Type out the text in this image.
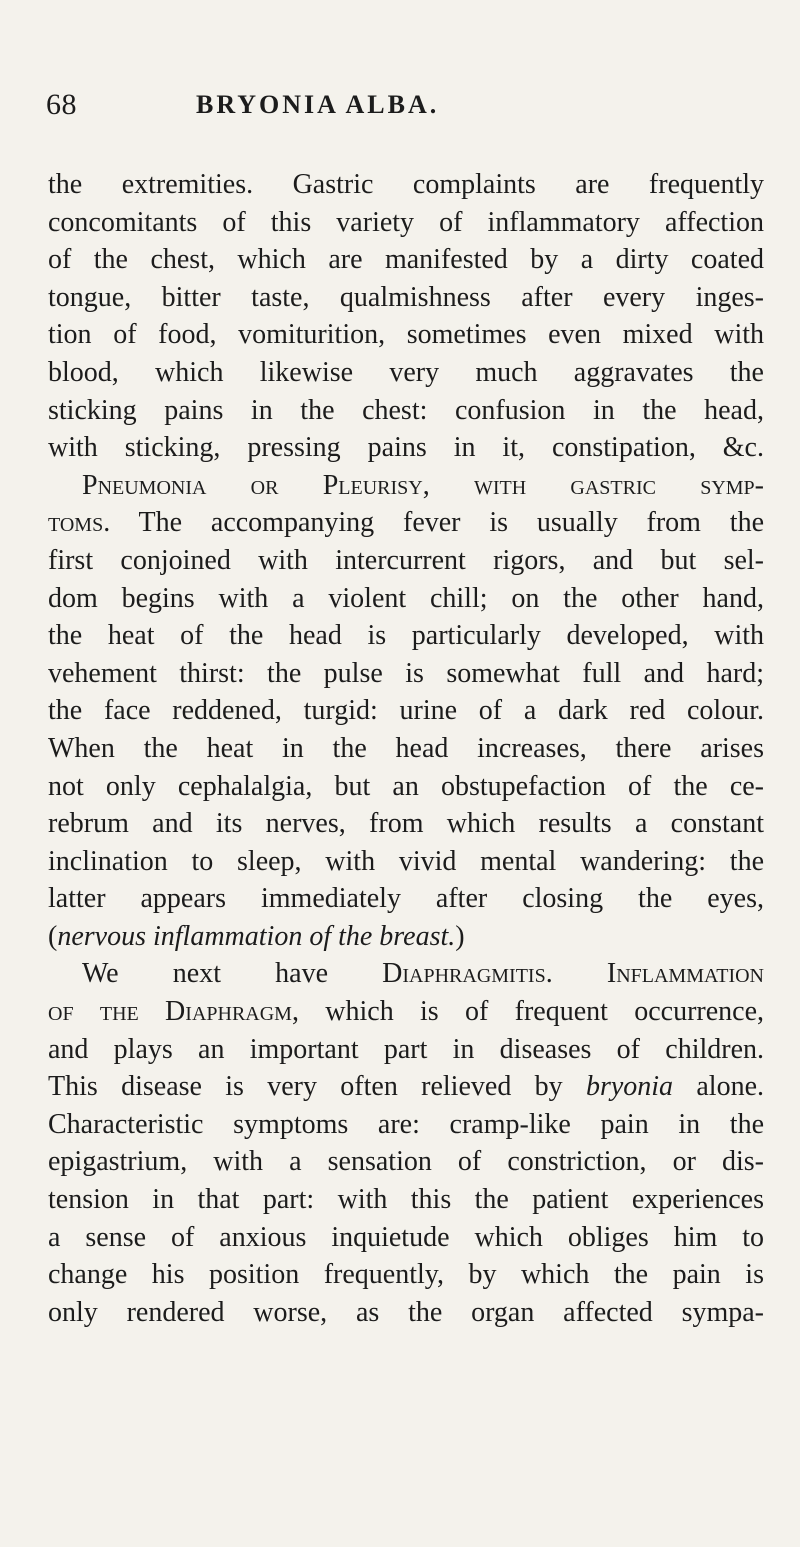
68	BRYONIA ALBA.
the extremities. Gastric complaints are frequently
concomitants of this variety of inflammatory affection
of the chest, which are manifested by a dirty coated
tongue, bitter taste, qualmishness after every inges-
tion of food, vomiturition, sometimes even mixed with
blood, which likewise very much aggravates the
sticking pains in the chest: confusion in the head,
with sticking, pressing pains in it, constipation, &c.
Pneumonia or Pleurisy, with gastric symp-
toms. The accompanying fever is usually from the
first conjoined with intercurrent rigors, and but sel-
dom begins with a violent chill; on the other hand,
the heat of the head is particularly developed, with
vehement thirst: the pulse is somewhat full and hard;
the face reddened, turgid: urine of a dark red colour.
When the heat in the head increases, there arises
not only cephalalgia, but an obstupefaction of the ce-
rebrum and its nerves, from which results a constant
inclination to sleep, with vivid mental wandering: the
latter appears immediately after closing the eyes,
(nervous inflammation of the breast.)
We next have Diaphragmitis. Inflammation
of the Diaphragm, which is of frequent occurrence,
and plays an important part in diseases of children.
This disease is very often relieved by bryonia alone.
Characteristic symptoms are: cramp-like pain in the
epigastrium, with a sensation of constriction, or dis-
tension in that part: with this the patient experiences
a sense of anxious inquietude which obliges him to
change his position frequently, by which the pain is
only rendered worse, as the organ affected sympa-
